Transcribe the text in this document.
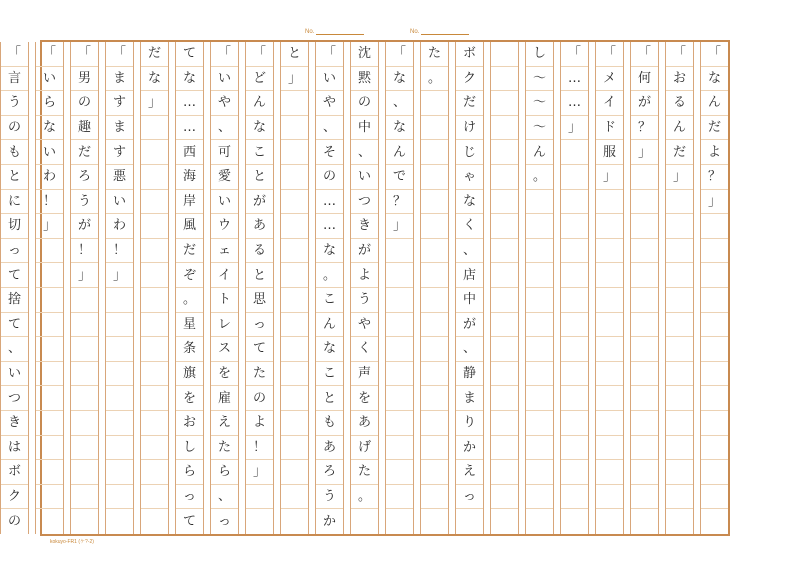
No.	No.
「
な
ん
だ
よ
？
」
「
お
る
ん
だ
」
「
何
が
？
」
「
メ
イ
ド
服
」
「
…
…
」
し
〜
〜
〜
ん
。
ボ
ク
だ
け
じ
ゃ
な
く
、
店
中
が
、
静
ま
り
か
え
っ
た
。
「
な
、
な
ん
で
？
」
沈
黙
の
中
、
い
つ
き
が
よ
う
や
く
声
を
あ
げ
た
。
「
い
や
、
そ
の
…
…
な
。
こ
ん
な
こ
と
も
あ
ろ
う
か
と
」
「
ど
ん
な
こ
と
が
あ
る
と
思
っ
て
た
の
よ
！
」
「
い
や
、
可
愛
い
ウ
ェ
イ
ト
レ
ス
を
雇
え
た
ら
、
っ
て
な
…
…
西
海
岸
風
だ
ぞ
。
星
条
旗
を
お
し
ら
っ
て
だ
な
」
「
ま
す
ま
す
悪
い
わ
！
」
「
男
の
趣
だ
ろ
う
が
！
」
「
い
ら
な
い
わ
！
」
「
言
う
の
も
と
に
切
っ
て
捨
て
、
い
つ
き
は
ボ
ク
の
kokuyo-FR1 (ケ?-2)
